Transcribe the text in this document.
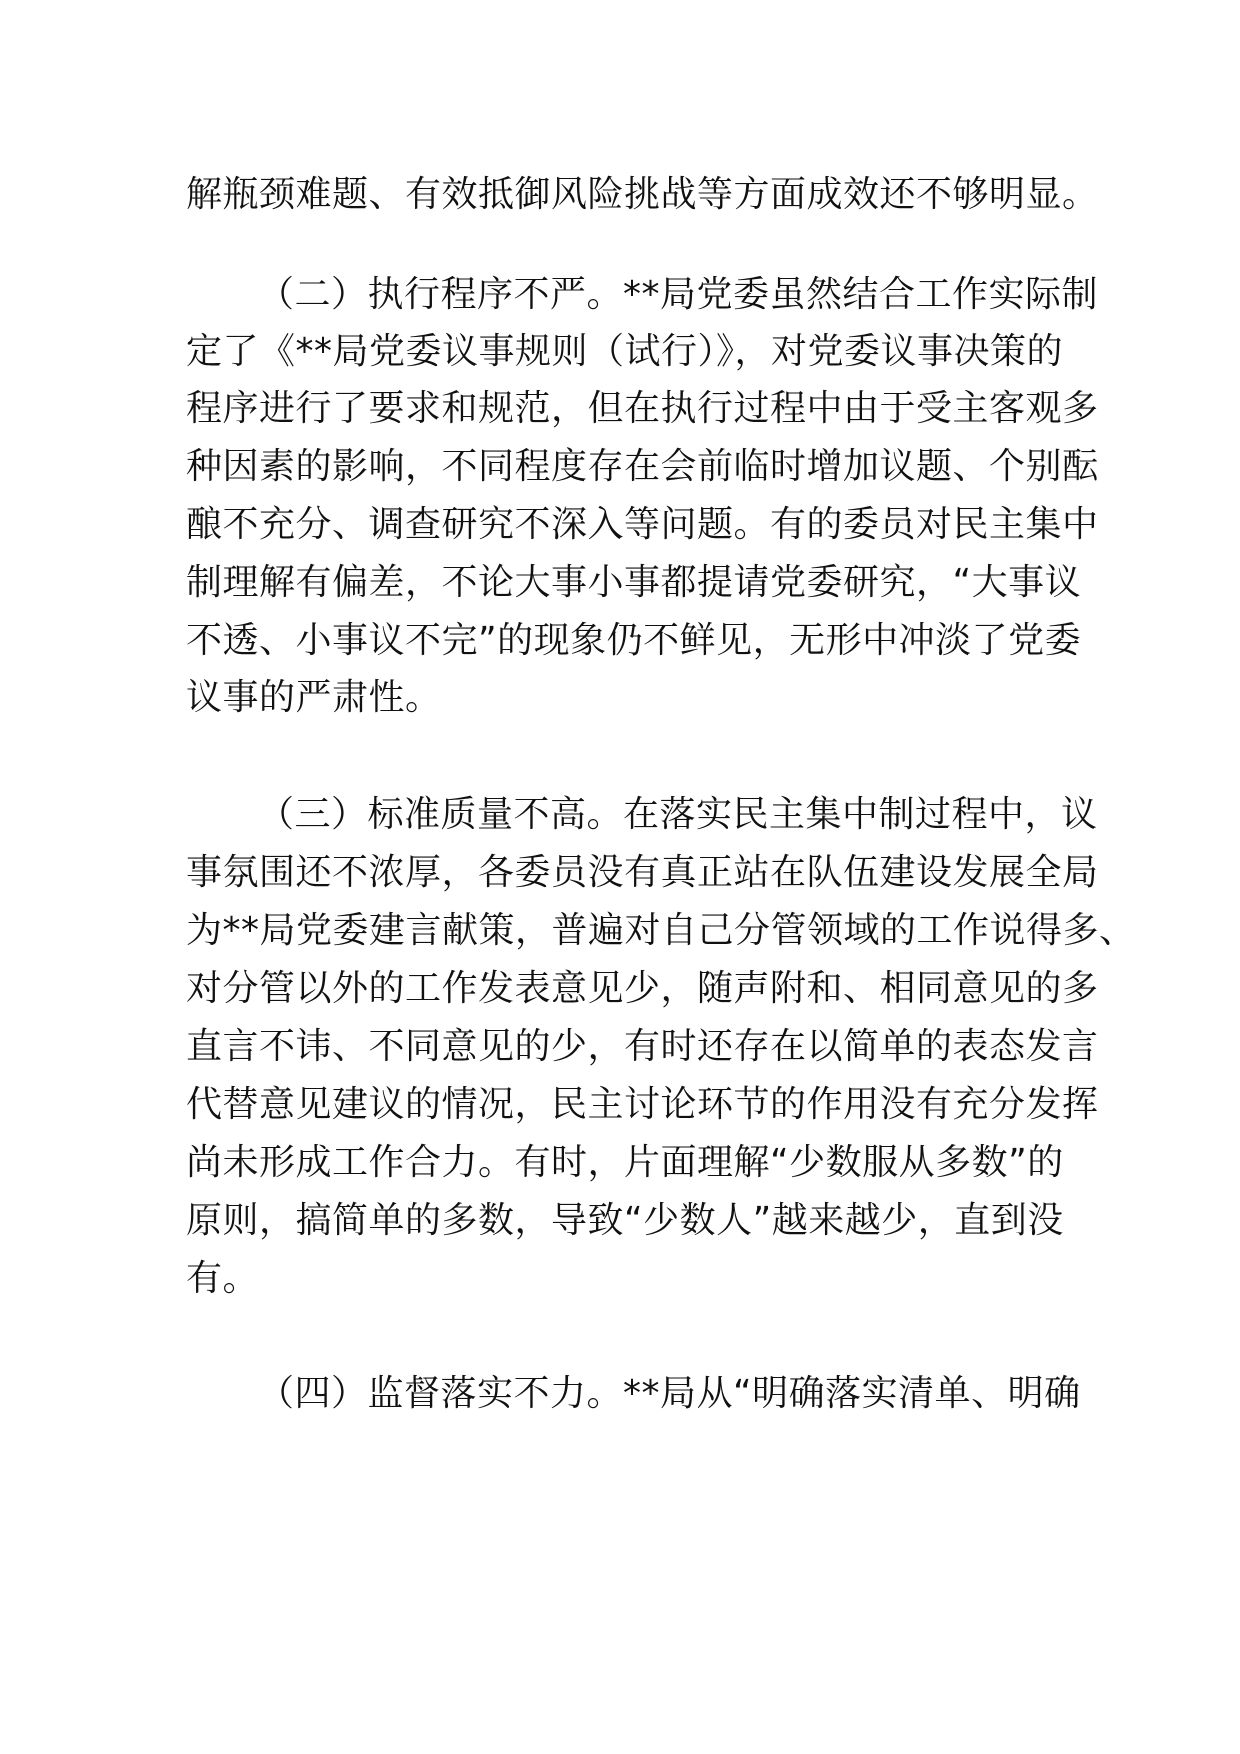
解瓶颈难题、有效抵御风险挑战等方面成效还不够明显。
（二）执行程序不严。**局党委虽然结合工作实际制
定了《**局党委议事规则（试行）》，对党委议事决策的
程序进行了要求和规范，但在执行过程中由于受主客观多
种因素的影响，不同程度存在会前临时增加议题、个别酝
酿不充分、调查研究不深入等问题。有的委员对民主集中
制理解有偏差，不论大事小事都提请党委研究，“大事议
不透、小事议不完”的现象仍不鲜见，无形中冲淡了党委
议事的严肃性。
（三）标准质量不高。在落实民主集中制过程中，议
事氛围还不浓厚，各委员没有真正站在队伍建设发展全局
为**局党委建言献策，普遍对自己分管领域的工作说得多、
对分管以外的工作发表意见少，随声附和、相同意见的多
直言不讳、不同意见的少，有时还存在以简单的表态发言
代替意见建议的情况，民主讨论环节的作用没有充分发挥
尚未形成工作合力。有时，片面理解“少数服从多数”的
原则，搞简单的多数，导致“少数人”越来越少，直到没
有。
（四）监督落实不力。**局从“明确落实清单、明确
